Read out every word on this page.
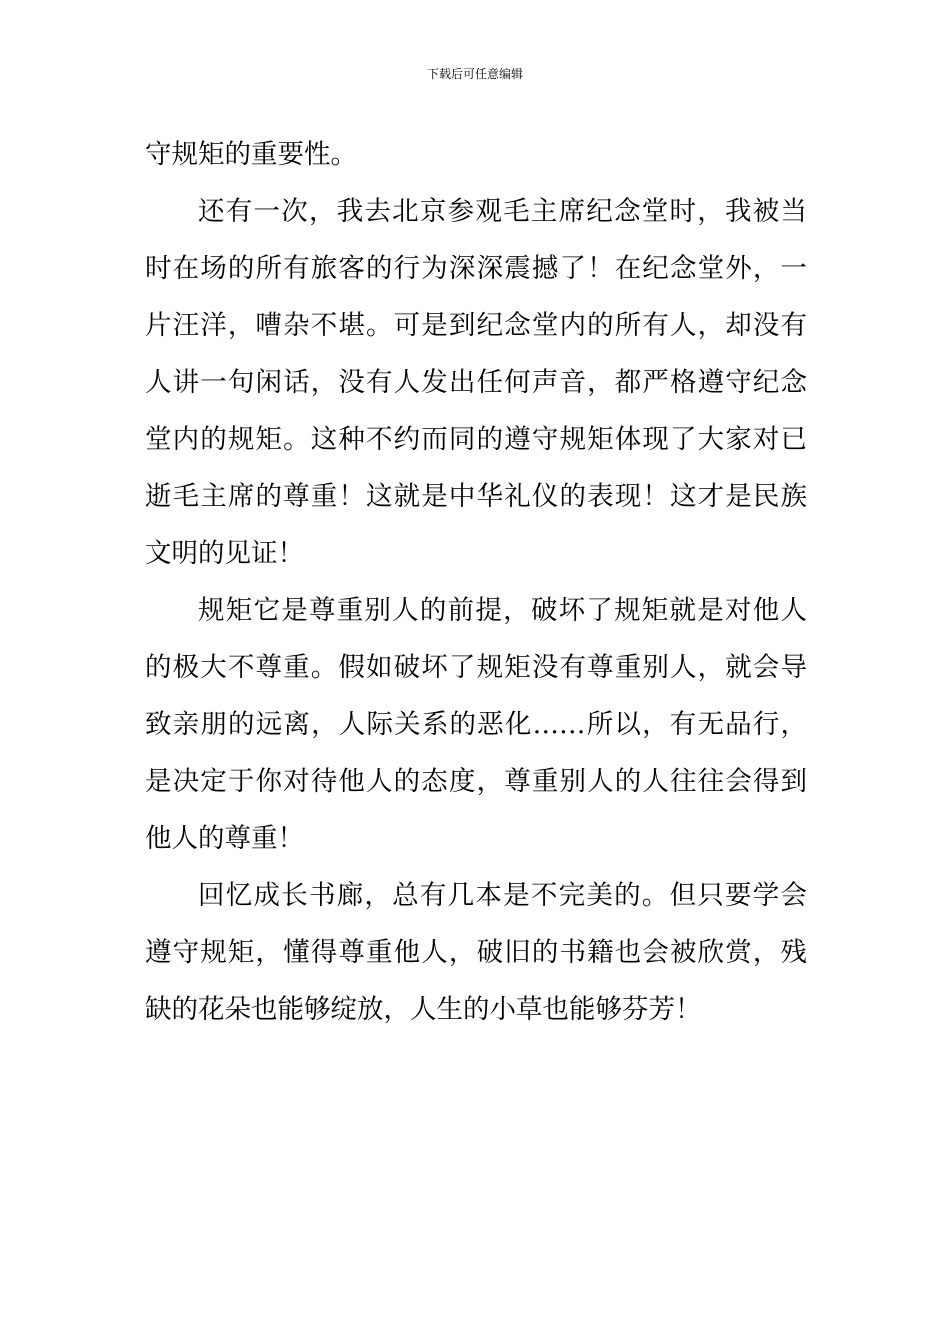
下载后可任意编辑

守规矩的重要性。

还有一次，我去北京参观毛主席纪念堂时，我被当时在场的所有旅客的行为深深震撼了！在纪念堂外，一片汪洋，嘈杂不堪。可是到纪念堂内的所有人，却没有人讲一句闲话，没有人发出任何声音，都严格遵守纪念堂内的规矩。这种不约而同的遵守规矩体现了大家对已逝毛主席的尊重！这就是中华礼仪的表现！这才是民族文明的见证！

规矩它是尊重别人的前提，破坏了规矩就是对他人的极大不尊重。假如破坏了规矩没有尊重别人，就会导致亲朋的远离，人际关系的恶化……所以，有无品行，是决定于你对待他人的态度，尊重别人的人往往会得到他人的尊重！

回忆成长书廊，总有几本是不完美的。但只要学会遵守规矩，懂得尊重他人，破旧的书籍也会被欣赏，残缺的花朵也能够绽放，人生的小草也能够芬芳！
